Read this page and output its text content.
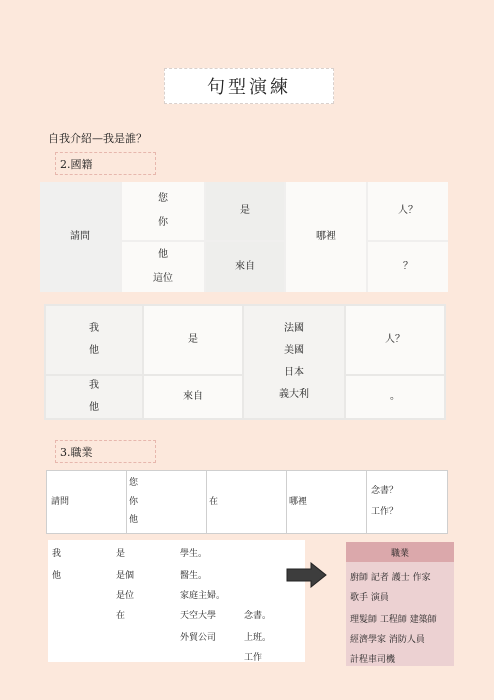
句型演練
自我介紹—我是誰？
2.國籍
請問
您
你
他
這位
是
來自
哪裡
人？
？
我
他
我
他
是
來自
法國
美國
日本
義大利
人？
。
3.職業
請問
您
你
他
在	哪裡
念書？
工作？
我
他
是
是個
是位
在
學生。
醫生。
家庭主婦。
天空大學
外貿公司
念書。
上班。
工作
職業
廚師 記者 護士 作家
歌手 演員
理髮師 工程師 建築師
經濟學家 消防人員
計程車司機
